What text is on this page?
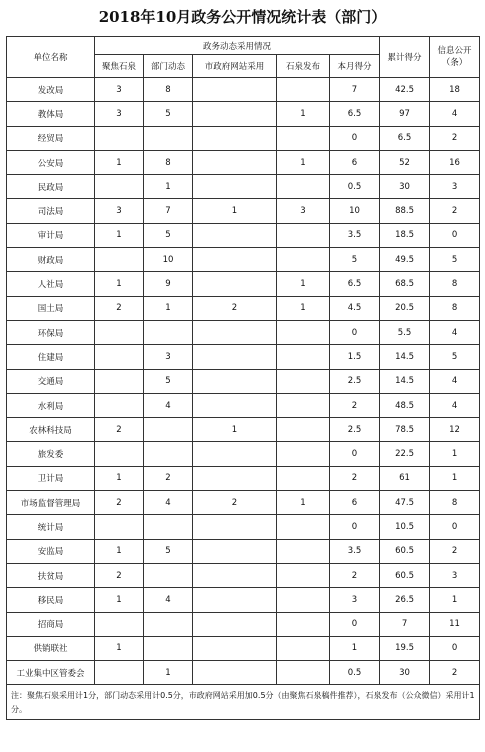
2018年10月政务公开情况统计表（部门）
单位名称	政务动态采用情况					累计得分	信息公开
（条）
	聚焦石泉	部门动态	市政府网站采用	石泉发布	本月得分		
发改局	3	8			7	42.5	18
教体局	3	5		1	6.5	97	4
经贸局					0	6.5	2
公安局	1	8		1	6	52	16
民政局		1			0.5	30	3
司法局	3	7	1	3	10	88.5	2
审计局	1	5			3.5	18.5	0
财政局		10			5	49.5	5
人社局	1	9		1	6.5	68.5	8
国土局	2	1	2	1	4.5	20.5	8
环保局					0	5.5	4
住建局		3			1.5	14.5	5
交通局		5			2.5	14.5	4
水利局		4			2	48.5	4
农林科技局	2		1		2.5	78.5	12
旅发委					0	22.5	1
卫计局	1	2			2	61	1
市场监督管理局	2	4	2	1	6	47.5	8
统计局					0	10.5	0
安监局	1	5			3.5	60.5	2
扶贫局	2				2	60.5	3
移民局	1	4			3	26.5	1
招商局					0	7	11
供销联社	1				1	19.5	0
工业集中区管委会		1			0.5	30	2
注：聚焦石泉采用计1分，部门动态采用计0.5分，市政府网站采用加0.5分（由聚焦石泉稿件推荐），石泉发布（公众微信）采用计1分。							
